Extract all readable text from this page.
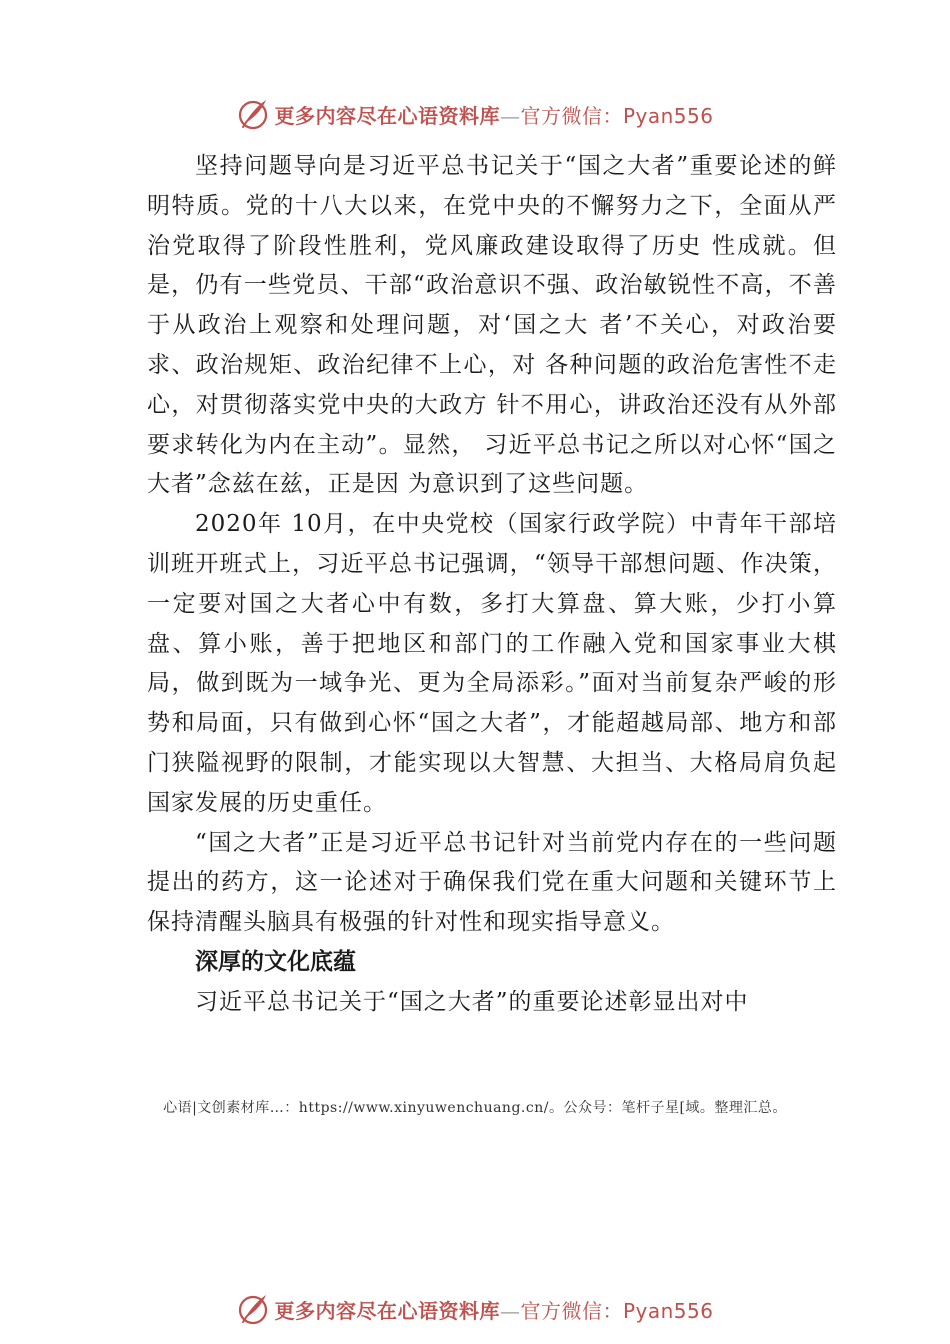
更多内容尽在心语资料库—官方微信：Pyan556

坚持问题导向是习近平总书记关于“国之大者”重要论述的鲜明特质。党的十八大以来，在党中央的不懈努力之下，全面从严治党取得了阶段性胜利，党风廉政建设取得了历史 性成就。但是，仍有一些党员、干部“政治意识不强、政治敏锐性不高，不善于从政治上观察和处理问题，对‘国之大 者’不关心，对政治要求、政治规矩、政治纪律不上心，对 各种问题的政治危害性不走心，对贯彻落实党中央的大政方 针不用心，讲政治还没有从外部要求转化为内在主动”。显然， 习近平总书记之所以对心怀“国之大者”念兹在兹，正是因 为意识到了这些问题。

2020年 10月，在中央党校（国家行政学院）中青年干部培训班开班式上，习近平总书记强调，“领导干部想问题、作决策，一定要对国之大者心中有数，多打大算盘、算大账，少打小算盘、算小账，善于把地区和部门的工作融入党和国家事业大棋局，做到既为一域争光、更为全局添彩。”面对当前复杂严峻的形势和局面，只有做到心怀“国之大者”，才能超越局部、地方和部门狭隘视野的限制，才能实现以大智慧、大担当、大格局肩负起国家发展的历史重任。

“国之大者”正是习近平总书记针对当前党内存在的一些问题提出的药方，这一论述对于确保我们党在重大问题和关键环节上保持清醒头脑具有极强的针对性和现实指导意义。

深厚的文化底蕴

习近平总书记关于“国之大者”的重要论述彰显出对中

心语|文创素材库…：https://www.xinyuwenchuang.cn/。公众号：笔杆子星[域。整理汇总。
更多内容尽在心语资料库—官方微信：Pyan556
